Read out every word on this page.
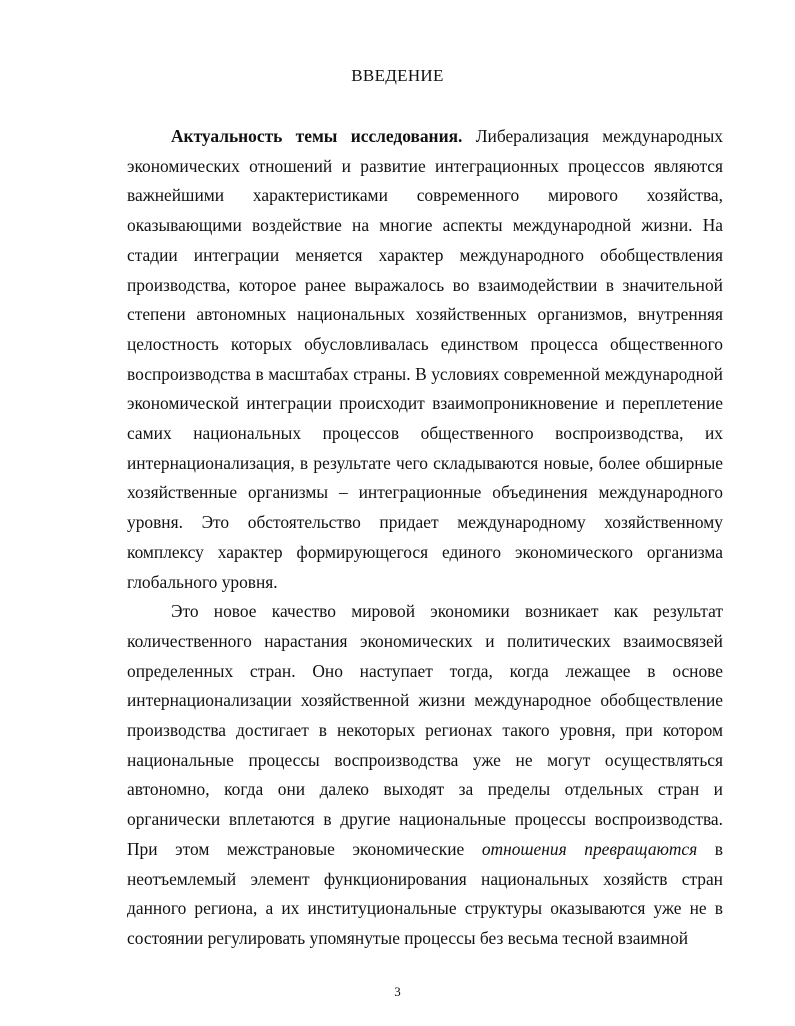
ВВЕДЕНИЕ

Актуальность темы исследования. Либерализация международных экономических отношений и развитие интеграционных процессов являются важнейшими характеристиками современного мирового хозяйства, оказывающими воздействие на многие аспекты международной жизни. На стадии интеграции меняется характер международного обобществления производства, которое ранее выражалось во взаимодействии в значительной степени автономных национальных хозяйственных организмов, внутренняя целостность которых обусловливалась единством процесса общественного воспроизводства в масштабах страны. В условиях современной международной экономической интеграции происходит взаимопроникновение и переплетение самих национальных процессов общественного воспроизводства, их интернационализация, в результате чего складываются новые, более обширные хозяйственные организмы – интеграционные объединения международного уровня. Это обстоятельство придает международному хозяйственному комплексу характер формирующегося единого экономического организма глобального уровня.

Это новое качество мировой экономики возникает как результат количественного нарастания экономических и политических взаимосвязей определенных стран. Оно наступает тогда, когда лежащее в основе интернационализации хозяйственной жизни международное обобществление производства достигает в некоторых регионах такого уровня, при котором национальные процессы воспроизводства уже не могут осуществляться автономно, когда они далеко выходят за пределы отдельных стран и органически вплетаются в другие национальные процессы воспроизводства. При этом межстрановые экономические отношения превращаются в неотъемлемый элемент функционирования национальных хозяйств стран данного региона, а их институциональные структуры оказываются уже не в состоянии регулировать упомянутые процессы без весьма тесной взаимной

3
